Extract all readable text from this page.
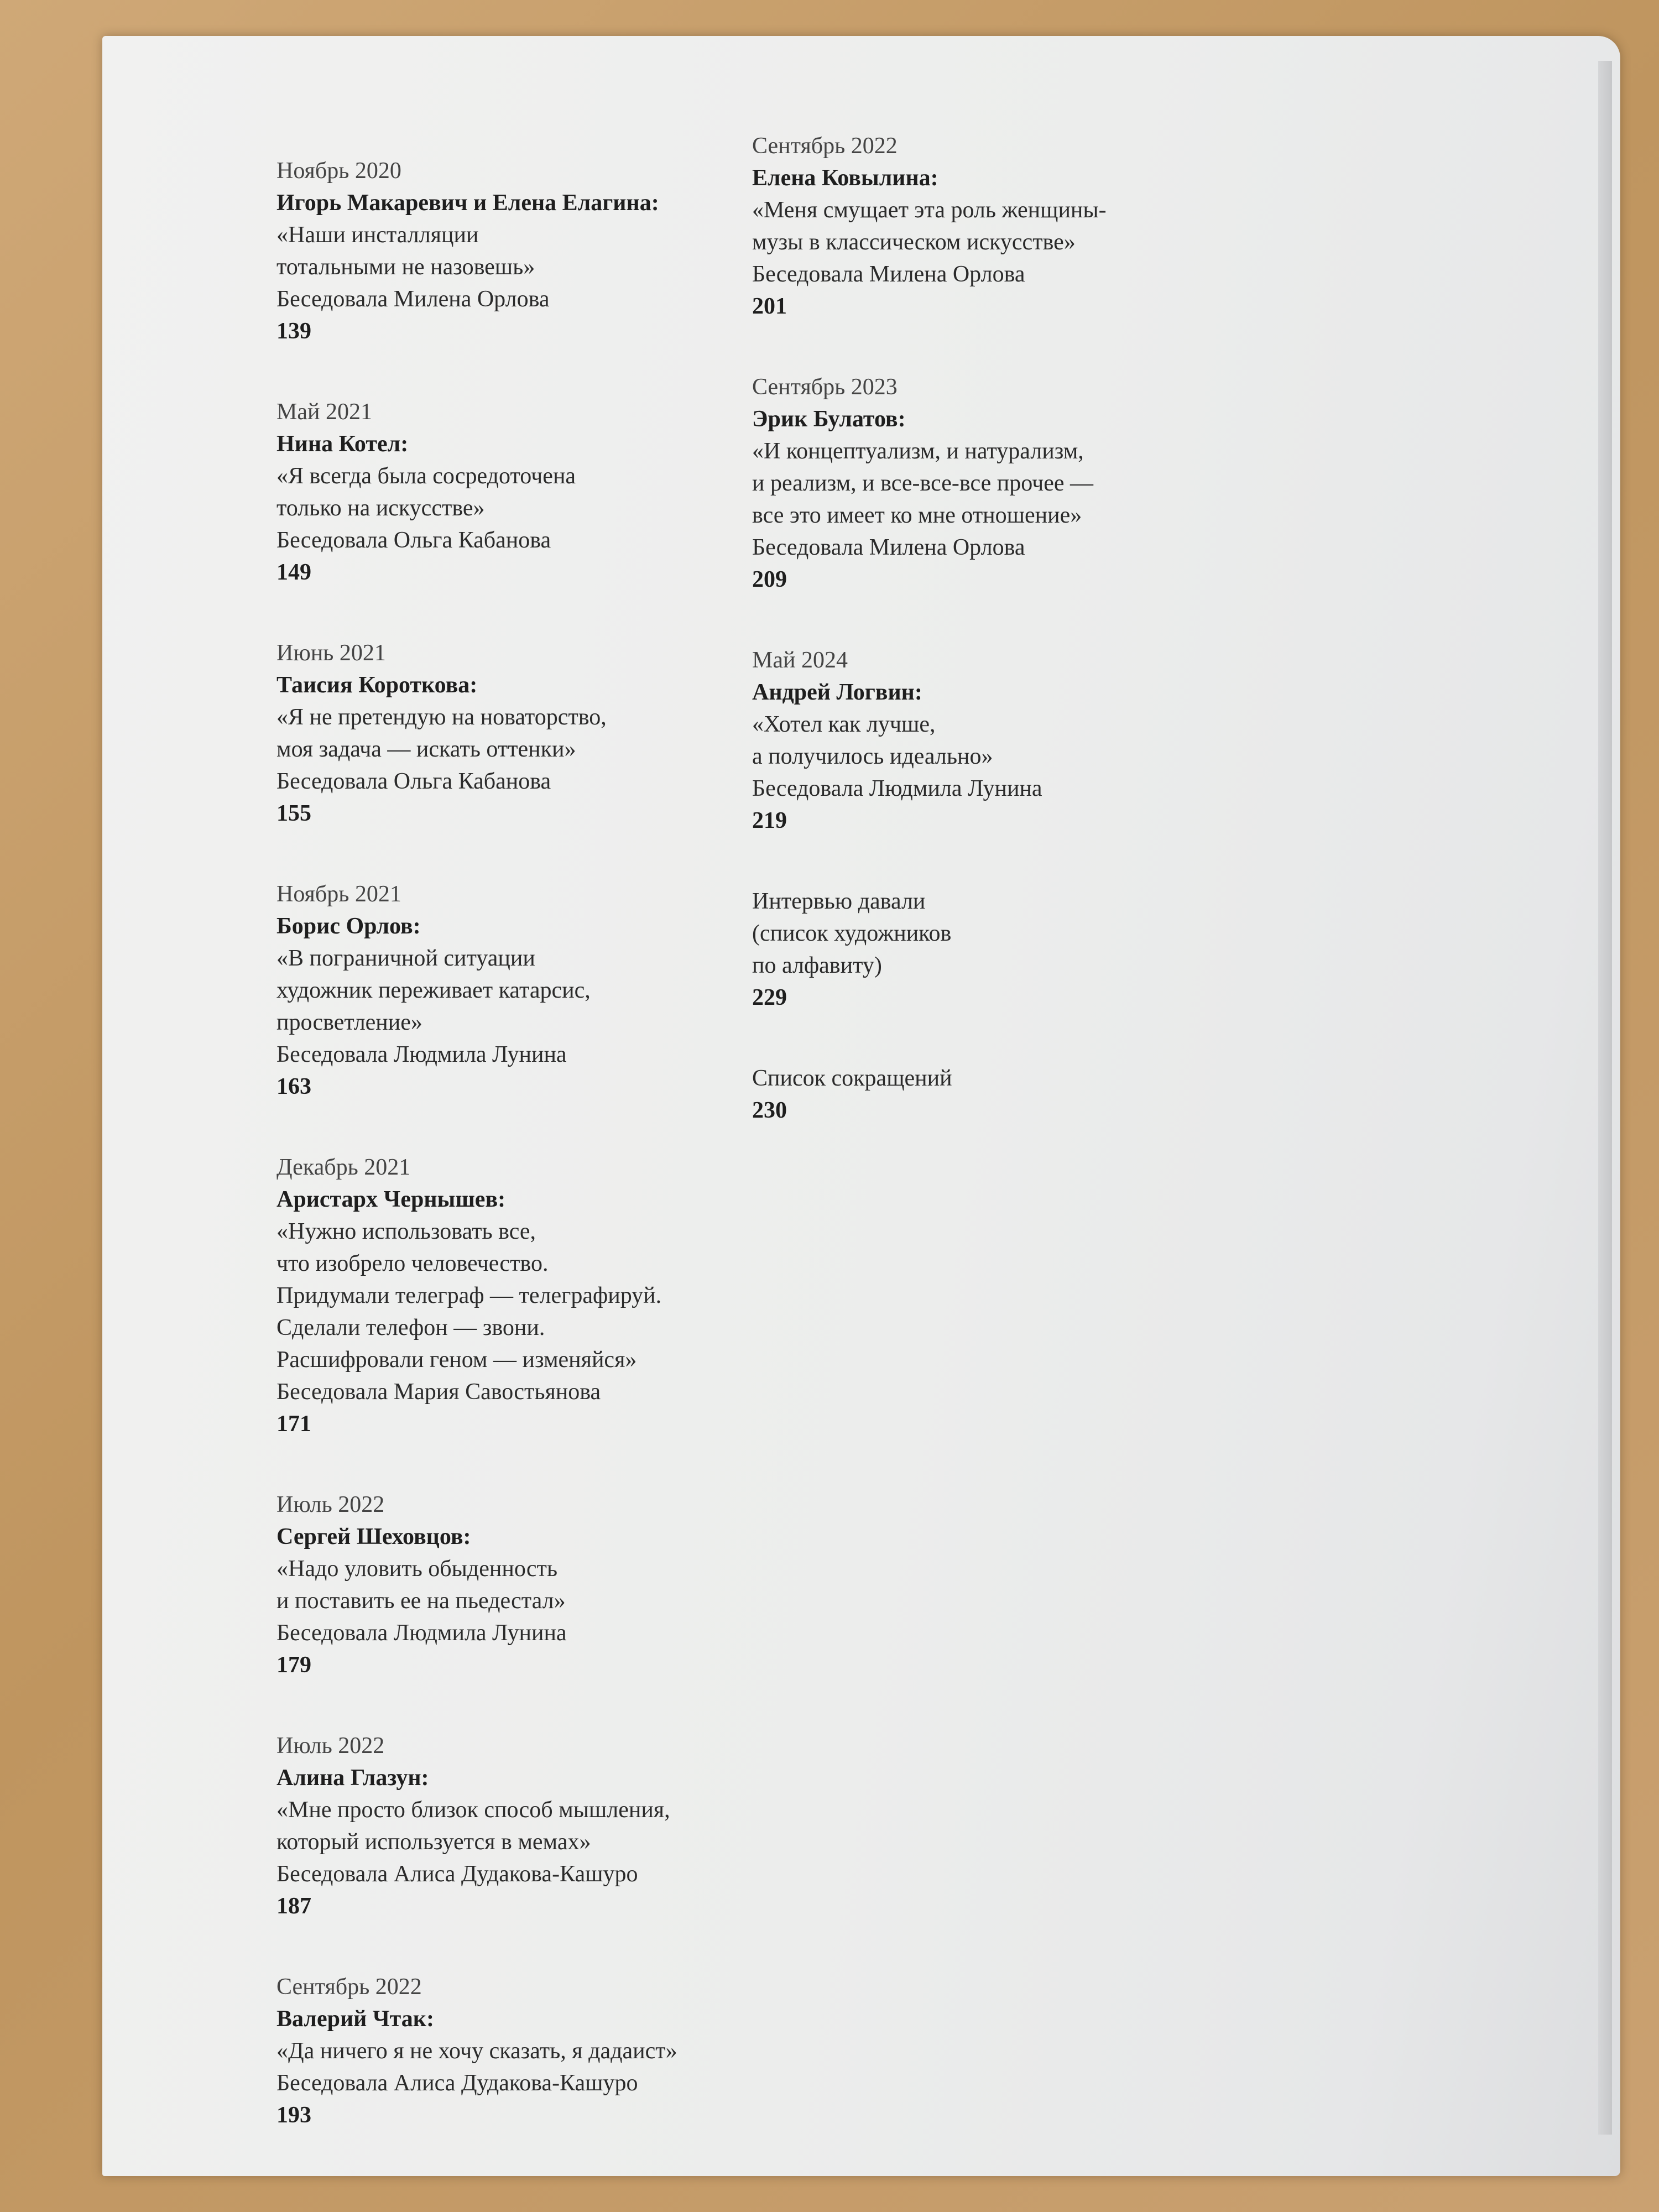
Ноябрь 2020
Игорь Макаревич и Елена Елагина:
«Наши инсталляции
тотальными не назовешь»
Беседовала Милена Орлова
139
Май 2021
Нина Котел:
«Я всегда была сосредоточена
только на искусстве»
Беседовала Ольга Кабанова
149
Июнь 2021
Таисия Короткова:
«Я не претендую на новаторство,
моя задача — искать оттенки»
Беседовала Ольга Кабанова
155
Ноябрь 2021
Борис Орлов:
«В пограничной ситуации
художник переживает катарсис,
просветление»
Беседовала Людмила Лунина
163
Декабрь 2021
Аристарх Чернышев:
«Нужно использовать все,
что изобрело человечество.
Придумали телеграф — телеграфируй.
Сделали телефон — звони.
Расшифровали геном — изменяйся»
Беседовала Мария Савостьянова
171
Июль 2022
Сергей Шеховцов:
«Надо уловить обыденность
и поставить ее на пьедестал»
Беседовала Людмила Лунина
179
Июль 2022
Алина Глазун:
«Мне просто близок способ мышления,
который используется в мемах»
Беседовала Алиса Дудакова-Кашуро
187
Сентябрь 2022
Валерий Чтак:
«Да ничего я не хочу сказать, я дадаист»
Беседовала Алиса Дудакова-Кашуро
193
Сентябрь 2022
Елена Ковылина:
«Меня смущает эта роль женщины-
музы в классическом искусстве»
Беседовала Милена Орлова
201
Сентябрь 2023
Эрик Булатов:
«И концептуализм, и натурализм,
и реализм, и все-все-все прочее —
все это имеет ко мне отношение»
Беседовала Милена Орлова
209
Май 2024
Андрей Логвин:
«Хотел как лучше,
а получилось идеально»
Беседовала Людмила Лунина
219
Интервью давали
(список художников
по алфавиту)
229
Список сокращений
230
